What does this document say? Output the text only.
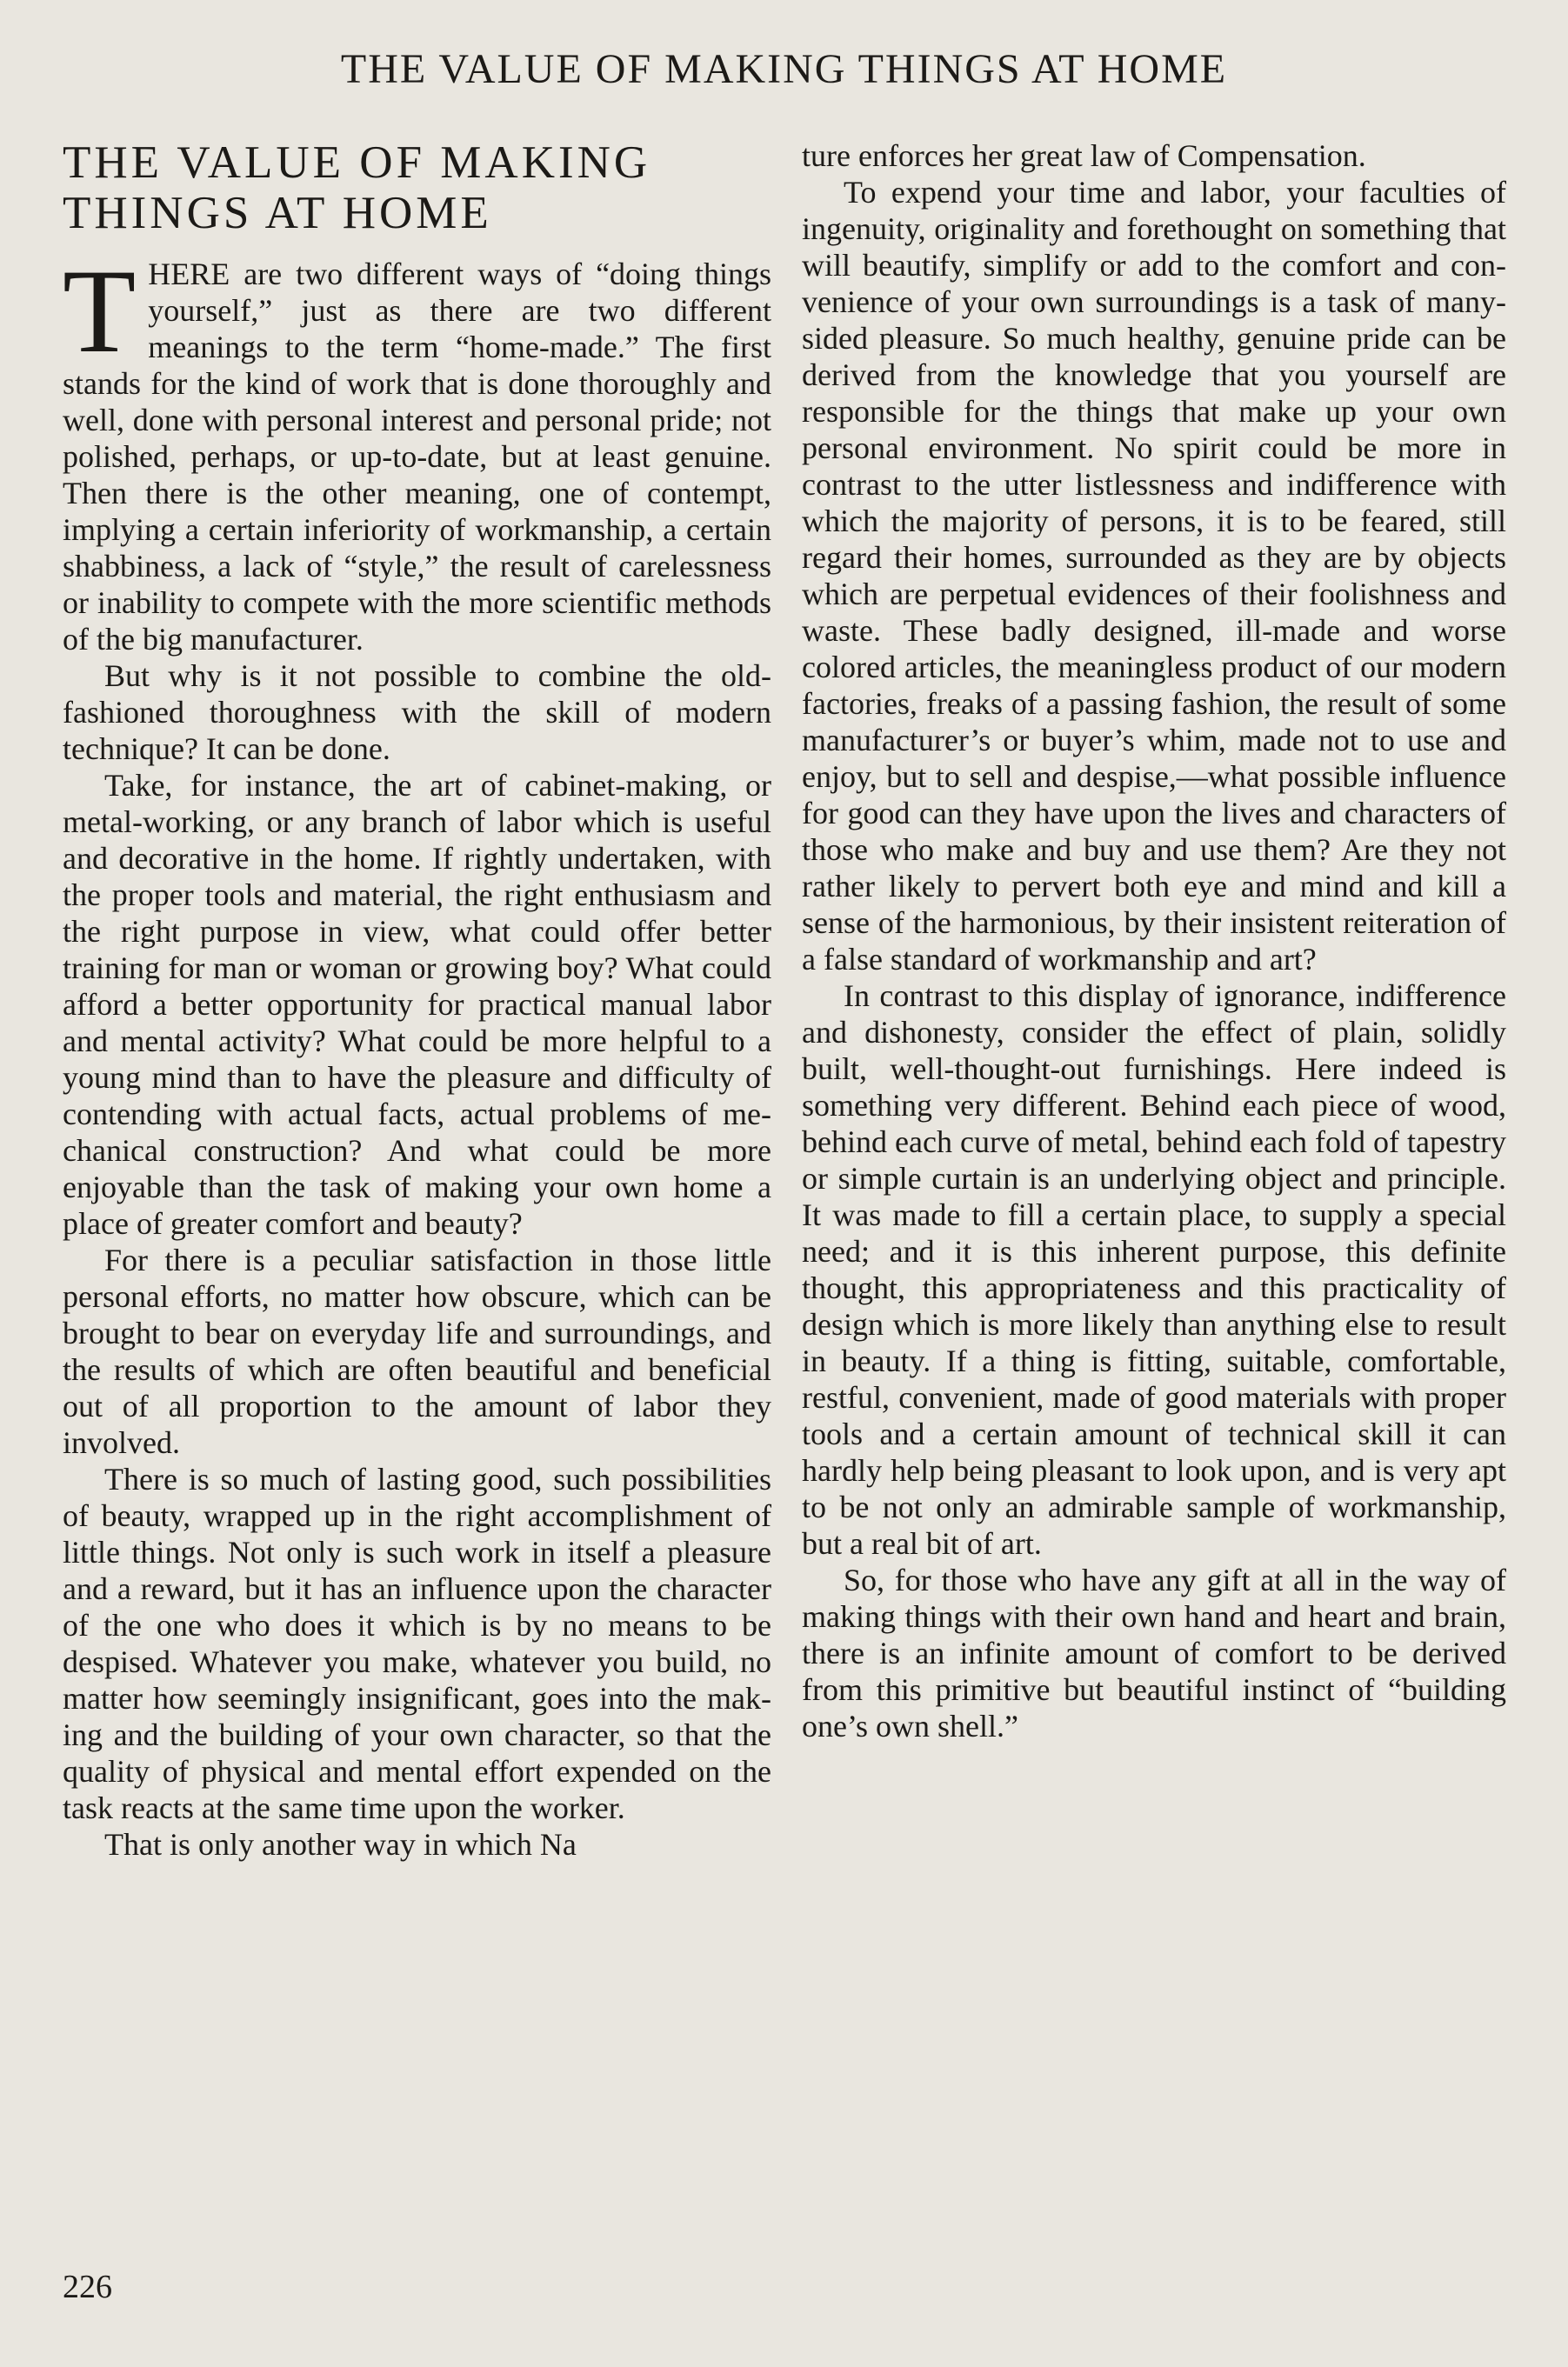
THE VALUE OF MAKING THINGS AT HOME
THE VALUE OF MAKING THINGS AT HOME

THERE are two different ways of “doing things yourself,” just as there are two different meanings to the term “home-made.” The first stands for the kind of work that is done thoroughly and well, done with personal interest and personal pride; not polished, perhaps, or up-to-date, but at least genuine. Then there is the other meaning, one of contempt, implying a certain inferiority of workmanship, a certain shabbiness, a lack of “style,” the result of carelessness or inability to compete with the more scientific methods of the big manufacturer.

But why is it not possible to combine the old-fashioned thoroughness with the skill of modern technique? It can be done.

Take, for instance, the art of cabinet-making, or metal-working, or any branch of labor which is useful and decorative in the home. If rightly undertaken, with the proper tools and material, the right enthusiasm and the right purpose in view, what could offer better training for man or woman or growing boy? What could afford a better opportunity for practical manual labor and mental activity? What could be more helpful to a young mind than to have the pleasure and difficulty of contending with actual facts, actual problems of mechanical construction? And what could be more enjoyable than the task of making your own home a place of greater comfort and beauty?

For there is a peculiar satisfaction in those little personal efforts, no matter how obscure, which can be brought to bear on everyday life and surroundings, and the results of which are often beautiful and beneficial out of all proportion to the amount of labor they involved.

There is so much of lasting good, such possibilities of beauty, wrapped up in the right accomplishment of little things. Not only is such work in itself a pleasure and a reward, but it has an influence upon the character of the one who does it which is by no means to be despised. Whatever you make, whatever you build, no matter how seemingly insignificant, goes into the making and the building of your own character, so that the quality of physical and mental effort expended on the task reacts at the same time upon the worker.

That is only another way in which Na

ture enforces her great law of Compensation.

To expend your time and labor, your faculties of ingenuity, originality and forethought on something that will beautify, simplify or add to the comfort and convenience of your own surroundings is a task of many-sided pleasure. So much healthy, genuine pride can be derived from the knowledge that you yourself are responsible for the things that make up your own personal environment. No spirit could be more in contrast to the utter listlessness and indifference with which the majority of persons, it is to be feared, still regard their homes, surrounded as they are by objects which are perpetual evidences of their foolishness and waste. These badly designed, ill-made and worse colored articles, the meaningless product of our modern factories, freaks of a passing fashion, the result of some manufacturer’s or buyer’s whim, made not to use and enjoy, but to sell and despise,—what possible influence for good can they have upon the lives and characters of those who make and buy and use them? Are they not rather likely to pervert both eye and mind and kill a sense of the harmonious, by their insistent reiteration of a false standard of workmanship and art?

In contrast to this display of ignorance, indifference and dishonesty, consider the effect of plain, solidly built, well-thought-out furnishings. Here indeed is something very different. Behind each piece of wood, behind each curve of metal, behind each fold of tapestry or simple curtain is an underlying object and principle. It was made to fill a certain place, to supply a special need; and it is this inherent purpose, this definite thought, this appropriateness and this practicality of design which is more likely than anything else to result in beauty. If a thing is fitting, suitable, comfortable, restful, convenient, made of good materials with proper tools and a certain amount of technical skill it can hardly help being pleasant to look upon, and is very apt to be not only an admirable sample of workmanship, but a real bit of art.

So, for those who have any gift at all in the way of making things with their own hand and heart and brain, there is an infinite amount of comfort to be derived from this primitive but beautiful instinct of “building one’s own shell.”

226
